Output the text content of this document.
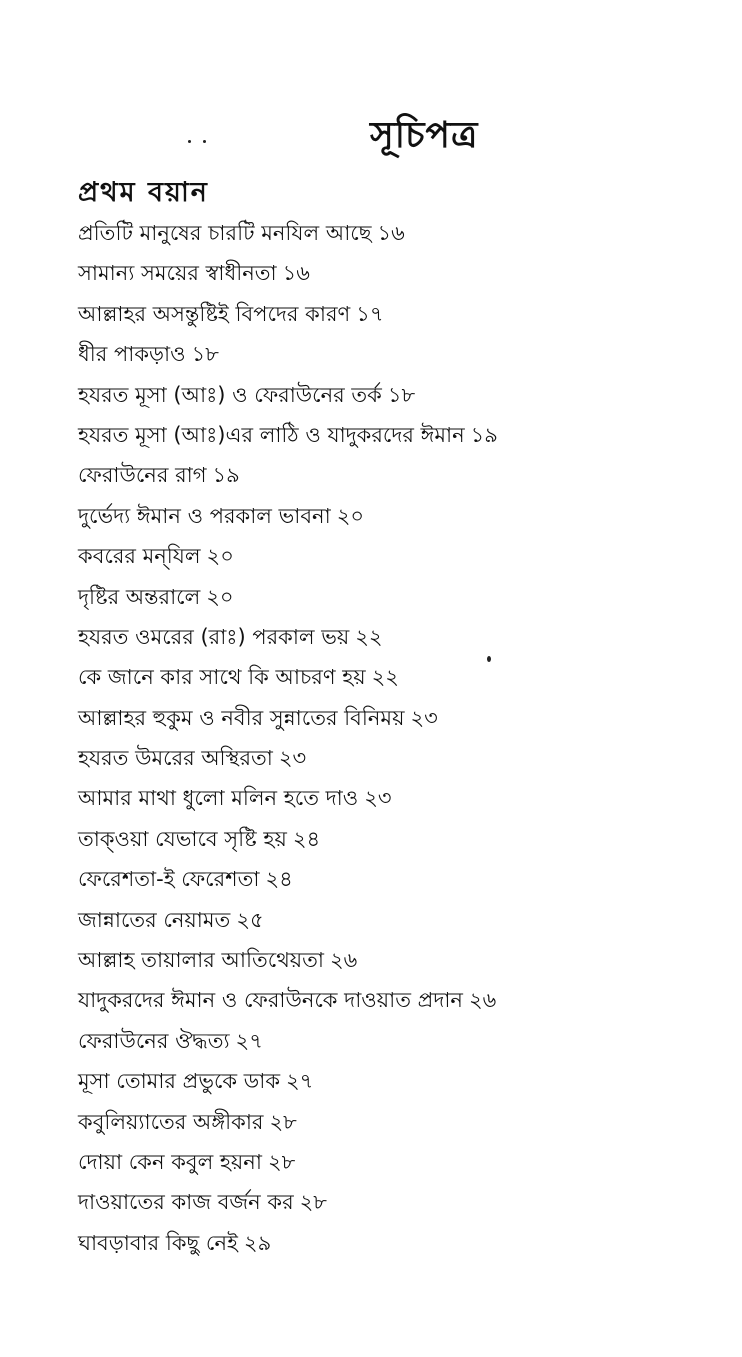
সূচিপত্র
প্রথম বয়ান
প্রতিটি মানুষের চারটি মনযিল আছে ১৬
সামান্য সময়ের স্বাধীনতা ১৬
আল্লাহর অসন্তুষ্টিই বিপদের কারণ ১৭
ধীর পাকড়াও ১৮
হযরত মূসা (আঃ) ও ফেরাউনের তর্ক ১৮
হযরত মূসা (আঃ)এর লাঠি ও যাদুকরদের ঈমান ১৯
ফেরাউনের রাগ ১৯
দুর্ভেদ্য ঈমান ও পরকাল ভাবনা ২০
কবরের মন্‌যিল ২০
দৃষ্টির অন্তরালে ২০
হযরত ওমরের (রাঃ) পরকাল ভয় ২২
কে জানে কার সাথে কি আচরণ হয় ২২
আল্লাহর হুকুম ও নবীর সুন্নাতের বিনিময় ২৩
হযরত উমরের অস্থিরতা ২৩
আমার মাথা ধুলো মলিন হতে দাও ২৩
তাক্‌ওয়া যেভাবে সৃষ্টি হয় ২৪
ফেরেশতা-ই ফেরেশতা ২৪
জান্নাতের নেয়ামত ২৫
আল্লাহ তায়ালার আতিথেয়তা ২৬
যাদুকরদের ঈমান ও ফেরাউনকে দাওয়াত প্রদান ২৬
ফেরাউনের ঔদ্ধত্য ২৭
মূসা তোমার প্রভুকে ডাক ২৭
কবুলিয়্যাতের অঙ্গীকার ২৮
দোয়া কেন কবুল হয়না ২৮
দাওয়াতের কাজ বর্জন কর ২৮
ঘাবড়াবার কিছু নেই ২৯
